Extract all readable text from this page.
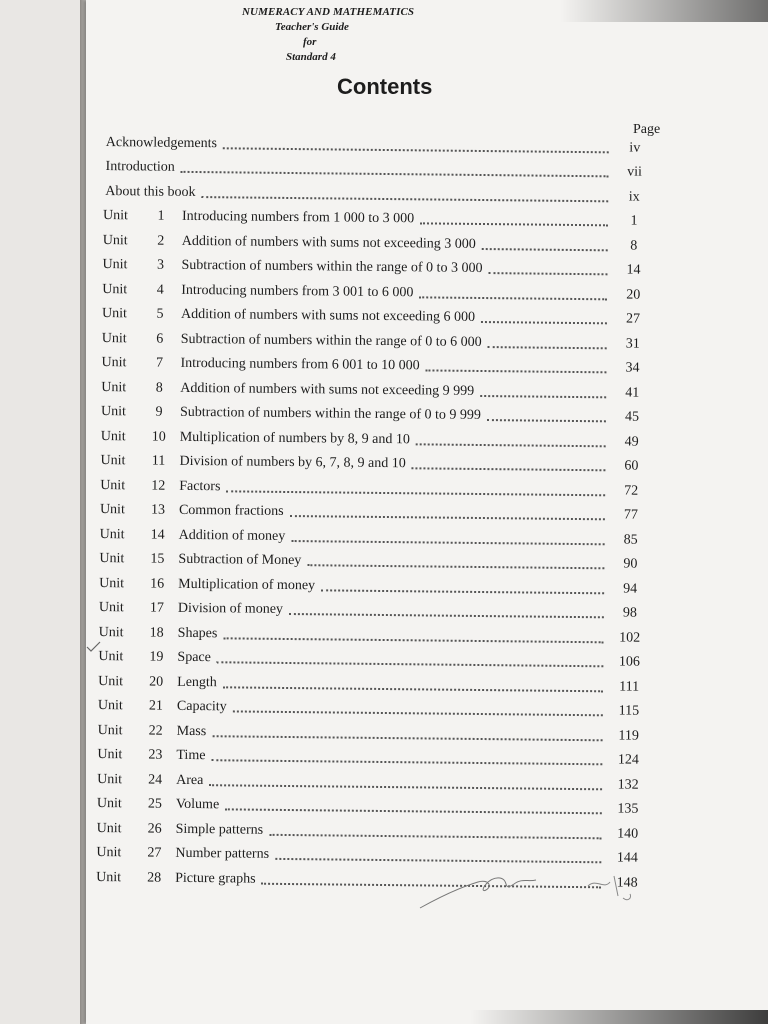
NUMERACY AND MATHEMATICS
Teacher's Guide
for
Standard 4
Contents
Page
Acknowledgements	iv
Introduction	vii
About this book	ix
Unit	1	Introducing numbers from 1 000 to 3 000	1
Unit	2	Addition of numbers with sums not exceeding 3 000	8
Unit	3	Subtraction of numbers within the range of 0 to 3 000	14
Unit	4	Introducing numbers from 3 001 to 6 000	20
Unit	5	Addition of numbers with sums not exceeding 6 000	27
Unit	6	Subtraction of numbers within the range of 0 to 6 000	31
Unit	7	Introducing numbers from 6 001 to 10 000	34
Unit	8	Addition of numbers with sums not exceeding 9 999	41
Unit	9	Subtraction of numbers within the range of 0 to 9 999	45
Unit	10 Multiplication of numbers by 8, 9 and 10	49
Unit	11	Division of numbers by 6, 7, 8, 9 and 10	60
Unit	12 Factors	72
Unit	13 Common fractions	77
Unit	14 Addition of money	85
Unit	15 Subtraction of Money	90
Unit	16 Multiplication of money	94
Unit	17 Division of money	98
Unit	18 Shapes	102
Unit	19 Space	106
Unit	20 Length	111
Unit	21 Capacity	115
Unit	22 Mass	119
Unit	23 Time	124
Unit	24 Area	132
Unit	25 Volume	135
Unit	26 Simple patterns	140
Unit	27 Number patterns	144
Unit	28 Picture graphs	148
